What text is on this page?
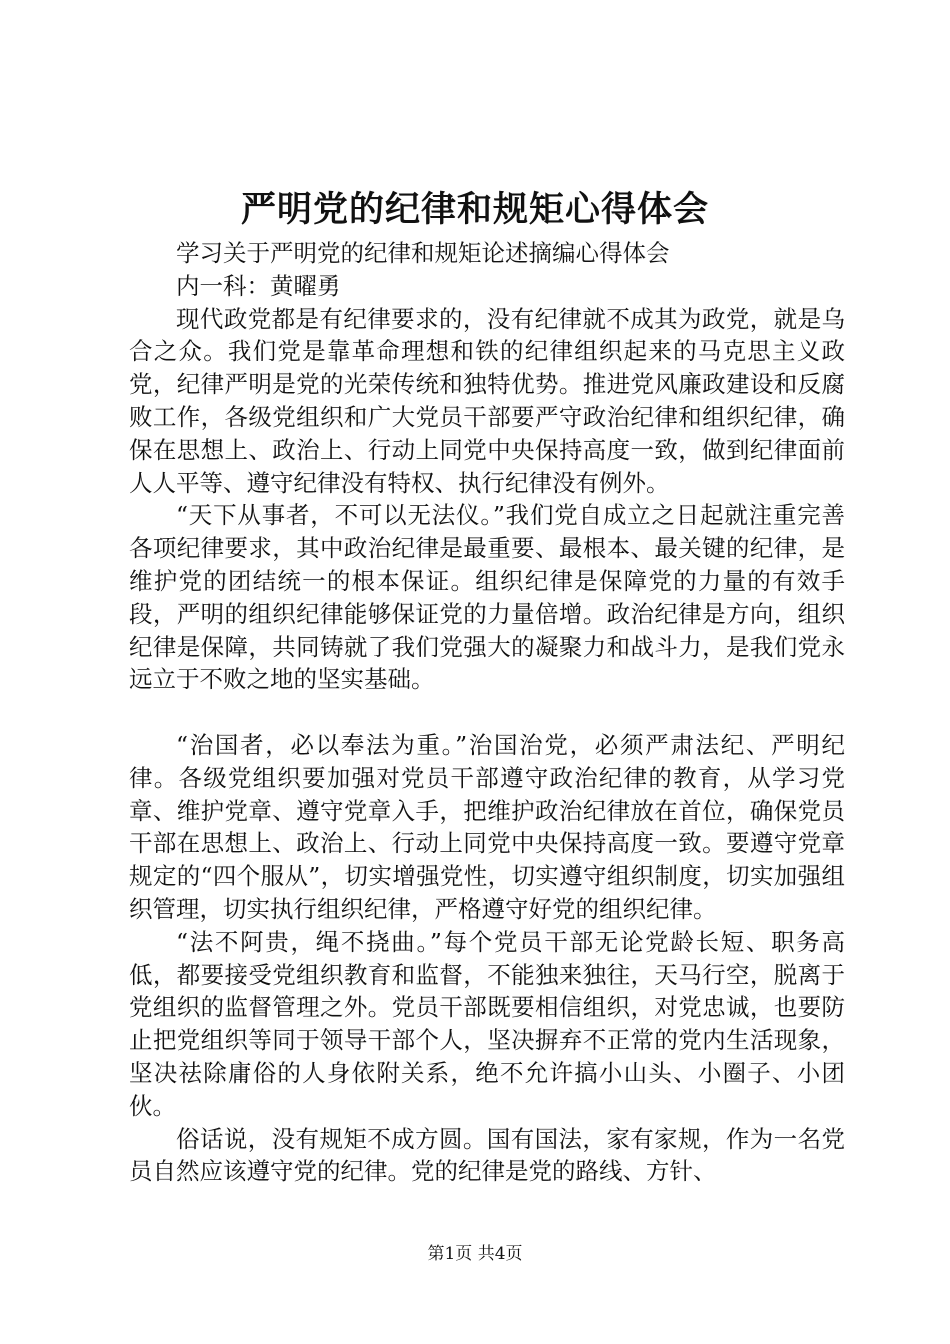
严明党的纪律和规矩心得体会

学习关于严明党的纪律和规矩论述摘编心得体会

内一科：黄曜勇

现代政党都是有纪律要求的，没有纪律就不成其为政党，就是乌合之众。我们党是靠革命理想和铁的纪律组织起来的马克思主义政党，纪律严明是党的光荣传统和独特优势。推进党风廉政建设和反腐败工作，各级党组织和广大党员干部要严守政治纪律和组织纪律，确保在思想上、政治上、行动上同党中央保持高度一致，做到纪律面前人人平等、遵守纪律没有特权、执行纪律没有例外。

“天下从事者，不可以无法仪。”我们党自成立之日起就注重完善各项纪律要求，其中政治纪律是最重要、最根本、最关键的纪律，是维护党的团结统一的根本保证。组织纪律是保障党的力量的有效手段，严明的组织纪律能够保证党的力量倍增。政治纪律是方向，组织纪律是保障，共同铸就了我们党强大的凝聚力和战斗力，是我们党永远立于不败之地的坚实基础。

“治国者，必以奉法为重。”治国治党，必须严肃法纪、严明纪律。各级党组织要加强对党员干部遵守政治纪律的教育，从学习党章、维护党章、遵守党章入手，把维护政治纪律放在首位，确保党员干部在思想上、政治上、行动上同党中央保持高度一致。要遵守党章规定的“四个服从”，切实增强党性，切实遵守组织制度，切实加强组织管理，切实执行组织纪律，严格遵守好党的组织纪律。

“法不阿贵，绳不挠曲。”每个党员干部无论党龄长短、职务高低，都要接受党组织教育和监督，不能独来独往，天马行空，脱离于党组织的监督管理之外。党员干部既要相信组织，对党忠诚，也要防止把党组织等同于领导干部个人，坚决摒弃不正常的党内生活现象，坚决祛除庸俗的人身依附关系，绝不允许搞小山头、小圈子、小团伙。

俗话说，没有规矩不成方圆。国有国法，家有家规，作为一名党员自然应该遵守党的纪律。党的纪律是党的路线、方针、

第1页 共4页
